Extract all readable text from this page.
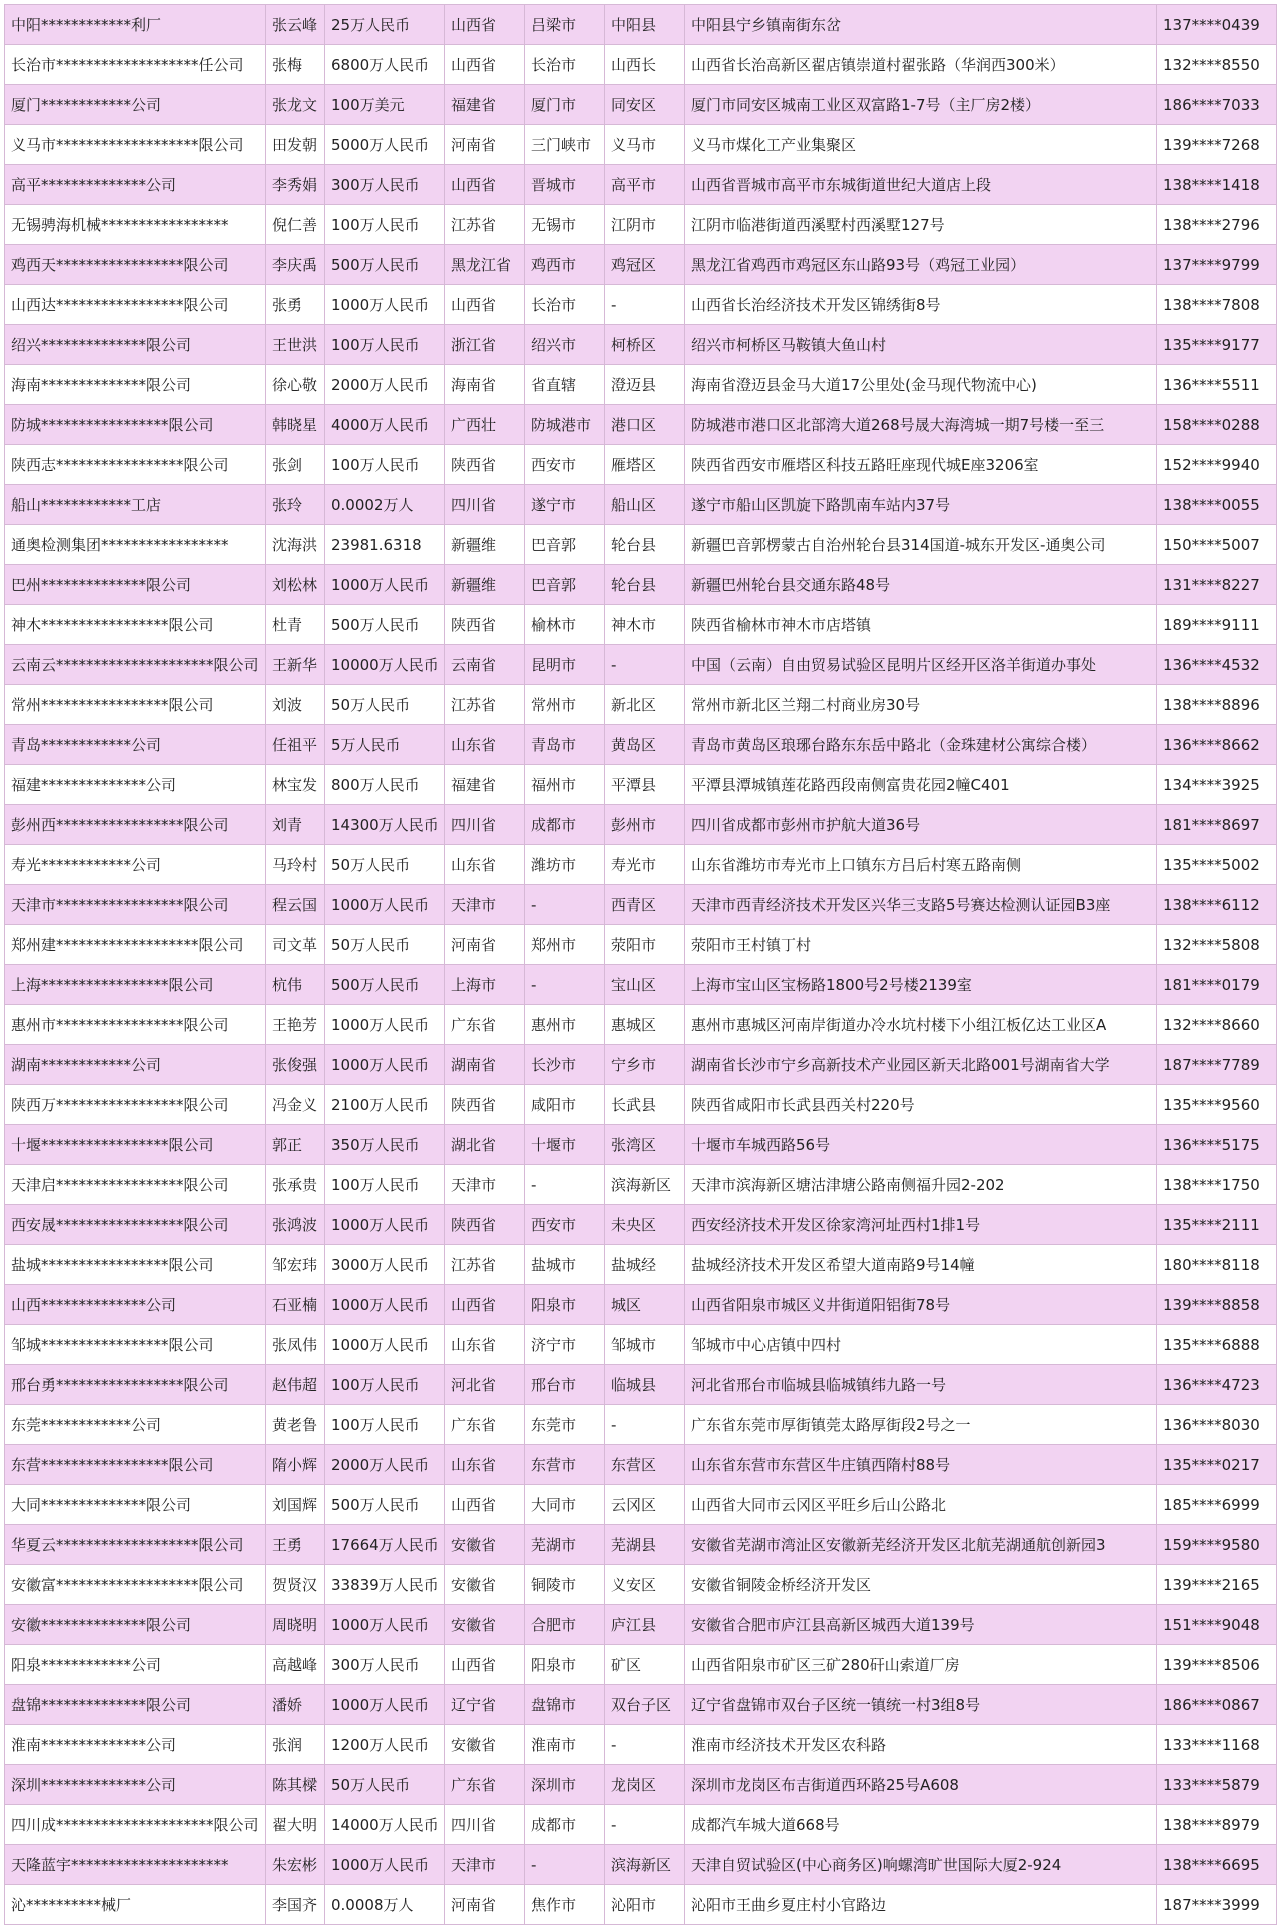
中阳************利厂	张云峰	25万人民币	山西省	吕梁市	中阳县	中阳县宁乡镇南街东岔	137****0439
长治市*******************任公司	张梅	6800万人民币	山西省	长治市	山西长	山西省长治高新区翟店镇崇道村翟张路（华润西300米）	132****8550
厦门************公司	张龙文	100万美元	福建省	厦门市	同安区	厦门市同安区城南工业区双富路1-7号（主厂房2楼）	186****7033
义马市*******************限公司	田发朝	5000万人民币	河南省	三门峡市	义马市	义马市煤化工产业集聚区	139****7268
高平**************公司	李秀娟	300万人民币	山西省	晋城市	高平市	山西省晋城市高平市东城街道世纪大道店上段	138****1418
无锡骋海机械*****************	倪仁善	100万人民币	江苏省	无锡市	江阴市	江阴市临港街道西溪墅村西溪墅127号	138****2796
鸡西天*****************限公司	李庆禹	500万人民币	黑龙江省	鸡西市	鸡冠区	黑龙江省鸡西市鸡冠区东山路93号（鸡冠工业园）	137****9799
山西达*****************限公司	张勇	1000万人民币	山西省	长治市	-	山西省长治经济技术开发区锦绣街8号	138****7808
绍兴**************限公司	王世洪	100万人民币	浙江省	绍兴市	柯桥区	绍兴市柯桥区马鞍镇大鱼山村	135****9177
海南**************限公司	徐心敬	2000万人民币	海南省	省直辖	澄迈县	海南省澄迈县金马大道17公里处(金马现代物流中心)	136****5511
防城*****************限公司	韩晓星	4000万人民币	广西壮	防城港市	港口区	防城港市港口区北部湾大道268号晟大海湾城一期7号楼一至三	158****0288
陕西志*****************限公司	张剑	100万人民币	陕西省	西安市	雁塔区	陕西省西安市雁塔区科技五路旺座现代城E座3206室	152****9940
船山************工店	张玲	0.0002万人	四川省	遂宁市	船山区	遂宁市船山区凯旋下路凯南车站内37号	138****0055
通奥检测集团*****************	沈海洪	23981.6318	新疆维	巴音郭	轮台县	新疆巴音郭楞蒙古自治州轮台县314国道-城东开发区-通奥公司	150****5007
巴州**************限公司	刘松林	1000万人民币	新疆维	巴音郭	轮台县	新疆巴州轮台县交通东路48号	131****8227
神木*****************限公司	杜青	500万人民币	陕西省	榆林市	神木市	陕西省榆林市神木市店塔镇	189****9111
云南云*********************限公司	王新华	10000万人民币	云南省	昆明市	-	中国（云南）自由贸易试验区昆明片区经开区洛羊街道办事处	136****4532
常州*****************限公司	刘波	50万人民币	江苏省	常州市	新北区	常州市新北区兰翔二村商业房30号	138****8896
青岛************公司	任祖平	5万人民币	山东省	青岛市	黄岛区	青岛市黄岛区琅琊台路东东岳中路北（金珠建材公寓综合楼）	136****8662
福建**************公司	林宝发	800万人民币	福建省	福州市	平潭县	平潭县潭城镇莲花路西段南侧富贵花园2幢C401	134****3925
彭州西*****************限公司	刘青	14300万人民币	四川省	成都市	彭州市	四川省成都市彭州市护航大道36号	181****8697
寿光************公司	马玲村	50万人民币	山东省	潍坊市	寿光市	山东省潍坊市寿光市上口镇东方吕后村寒五路南侧	135****5002
天津市*****************限公司	程云国	1000万人民币	天津市	-	西青区	天津市西青经济技术开发区兴华三支路5号赛达检测认证园B3座	138****6112
郑州建*******************限公司	司文革	50万人民币	河南省	郑州市	荥阳市	荥阳市王村镇丁村	132****5808
上海*****************限公司	杭伟	500万人民币	上海市	-	宝山区	上海市宝山区宝杨路1800号2号楼2139室	181****0179
惠州市*****************限公司	王艳芳	1000万人民币	广东省	惠州市	惠城区	惠州市惠城区河南岸街道办冷水坑村楼下小组江板亿达工业区A	132****8660
湖南************公司	张俊强	1000万人民币	湖南省	长沙市	宁乡市	湖南省长沙市宁乡高新技术产业园区新天北路001号湖南省大学	187****7789
陕西万*****************限公司	冯金义	2100万人民币	陕西省	咸阳市	长武县	陕西省咸阳市长武县西关村220号	135****9560
十堰*****************限公司	郭正	350万人民币	湖北省	十堰市	张湾区	十堰市车城西路56号	136****5175
天津启*****************限公司	张承贵	100万人民币	天津市	-	滨海新区	天津市滨海新区塘沽津塘公路南侧福升园2-202	138****1750
西安晟*****************限公司	张鸿波	1000万人民币	陕西省	西安市	未央区	西安经济技术开发区徐家湾河址西村1排1号	135****2111
盐城*****************限公司	邹宏玮	3000万人民币	江苏省	盐城市	盐城经	盐城经济技术开发区希望大道南路9号14幢	180****8118
山西**************公司	石亚楠	1000万人民币	山西省	阳泉市	城区	山西省阳泉市城区义井街道阳铝街78号	139****8858
邹城*****************限公司	张凤伟	1000万人民币	山东省	济宁市	邹城市	邹城市中心店镇中四村	135****6888
邢台勇*****************限公司	赵伟超	100万人民币	河北省	邢台市	临城县	河北省邢台市临城县临城镇纬九路一号	136****4723
东莞************公司	黄老鲁	100万人民币	广东省	东莞市	-	广东省东莞市厚街镇莞太路厚街段2号之一	136****8030
东营*****************限公司	隋小辉	2000万人民币	山东省	东营市	东营区	山东省东营市东营区牛庄镇西隋村88号	135****0217
大同**************限公司	刘国辉	500万人民币	山西省	大同市	云冈区	山西省大同市云冈区平旺乡后山公路北	185****6999
华夏云*******************限公司	王勇	17664万人民币	安徽省	芜湖市	芜湖县	安徽省芜湖市湾沚区安徽新芜经济开发区北航芜湖通航创新园3	159****9580
安徽富*******************限公司	贺贤汉	33839万人民币	安徽省	铜陵市	义安区	安徽省铜陵金桥经济开发区	139****2165
安徽**************限公司	周晓明	1000万人民币	安徽省	合肥市	庐江县	安徽省合肥市庐江县高新区城西大道139号	151****9048
阳泉************公司	高越峰	300万人民币	山西省	阳泉市	矿区	山西省阳泉市矿区三矿280矸山索道厂房	139****8506
盘锦**************限公司	潘娇	1000万人民币	辽宁省	盘锦市	双台子区	辽宁省盘锦市双台子区统一镇统一村3组8号	186****0867
淮南**************公司	张润	1200万人民币	安徽省	淮南市	-	淮南市经济技术开发区农科路	133****1168
深圳**************公司	陈其樑	50万人民币	广东省	深圳市	龙岗区	深圳市龙岗区布吉街道西环路25号A608	133****5879
四川成*********************限公司	翟大明	14000万人民币	四川省	成都市	-	成都汽车城大道668号	138****8979
天隆蓝宇*********************	朱宏彬	1000万人民币	天津市	-	滨海新区	天津自贸试验区(中心商务区)响螺湾旷世国际大厦2-924	138****6695
沁**********械厂	李国齐	0.0008万人	河南省	焦作市	沁阳市	沁阳市王曲乡夏庄村小官路边	187****3999
